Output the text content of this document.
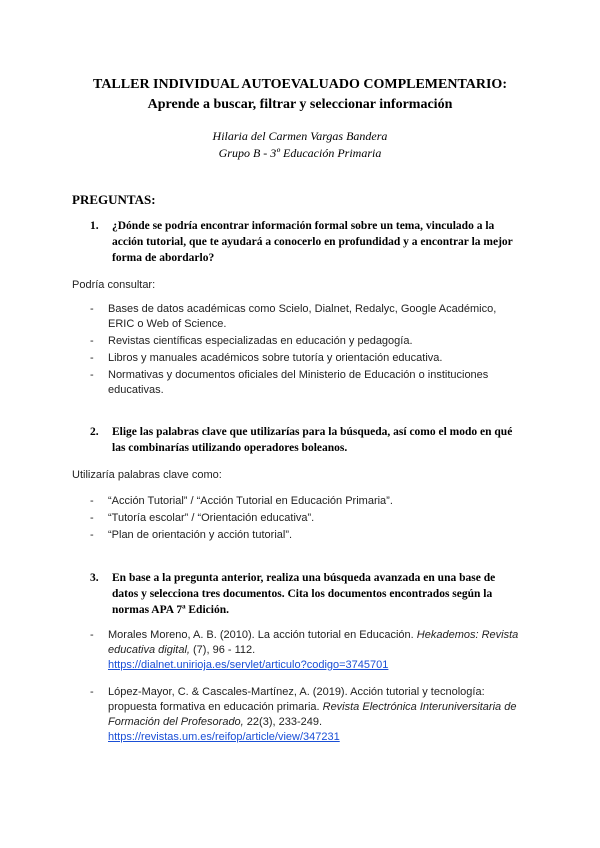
TALLER INDIVIDUAL AUTOEVALUADO COMPLEMENTARIO:
Aprende a buscar, filtrar y seleccionar información
Hilaria del Carmen Vargas Bandera
Grupo B - 3º Educación Primaria
PREGUNTAS:
1.	¿Dónde se podría encontrar información formal sobre un tema, vinculado a la acción tutorial, que te ayudará a conocerlo en profundidad y a encontrar la mejor forma de abordarlo?
Podría consultar:
- Bases de datos académicas como Scielo, Dialnet, Redalyc, Google Académico, ERIC o Web of Science.
- Revistas científicas especializadas en educación y pedagogía.
- Libros y manuales académicos sobre tutoría y orientación educativa.
- Normativas y documentos oficiales del Ministerio de Educación o instituciones educativas.
2.	Elige las palabras clave que utilizarías para la búsqueda, así como el modo en qué las combinarías utilizando operadores boleanos.
Utilizaría palabras clave como:
- “Acción Tutorial” / “Acción Tutorial en Educación Primaria”.
- “Tutoría escolar” / “Orientación educativa”.
- “Plan de orientación y acción tutorial”.
3.	En base a la pregunta anterior, realiza una búsqueda avanzada en una base de datos y selecciona tres documentos. Cita los documentos encontrados según la normas APA 7ª Edición.
- Morales Moreno, A. B. (2010). La acción tutorial en Educación. Hekademos: Revista educativa digital, (7), 96 - 112.
https://dialnet.unirioja.es/servlet/articulo?codigo=3745701
- López-Mayor, C. & Cascales-Martínez, A. (2019). Acción tutorial y tecnología: propuesta formativa en educación primaria. Revista Electrónica Interuniversitaria de Formación del Profesorado, 22(3), 233-249.
https://revistas.um.es/reifop/article/view/347231
